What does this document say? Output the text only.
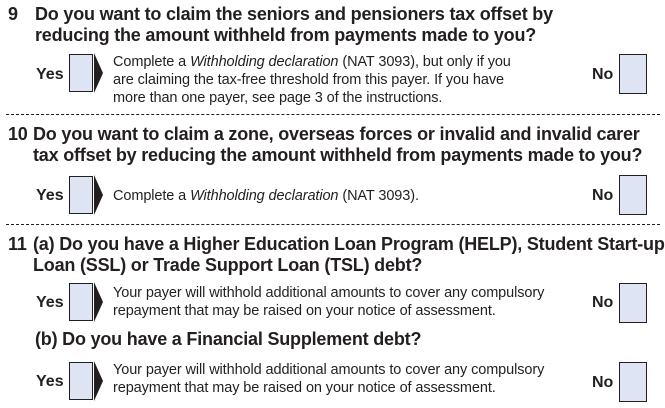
9 Do you want to claim the seniors and pensioners tax offset by
reducing the amount withheld from payments made to you?
Yes
Complete a Withholding declaration (NAT 3093), but only if you
are claiming the tax-free threshold from this payer. If you have
more than one payer, see page 3 of the instructions.
No
10 Do you want to claim a zone, overseas forces or invalid and invalid carer
tax offset by reducing the amount withheld from payments made to you?
Yes	Complete a Withholding declaration (NAT 3093).	No
11 (a) Do you have a Higher Education Loan Program (HELP), Student Start-up
Loan (SSL) or Trade Support Loan (TSL) debt?
Yes
Your payer will withhold additional amounts to cover any compulsory
repayment that may be raised on your notice of assessment.	No
(b) Do you have a Financial Supplement debt?
Yes
Your payer will withhold additional amounts to cover any compulsory
repayment that may be raised on your notice of assessment.	No
